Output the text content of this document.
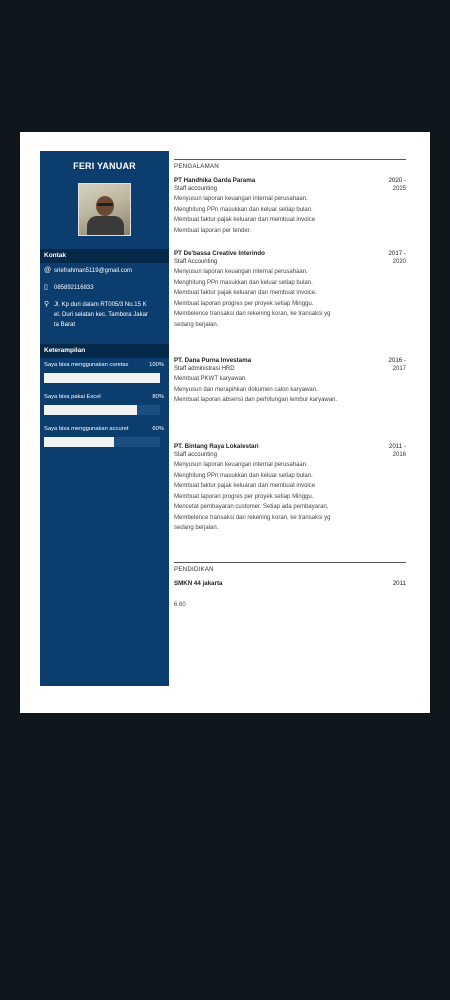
FERI YANUAR
Kontak
@ sriefrahman5119@gmail.com
▯	085892116833
⚲ Jl. Kp duri dalam RT005/3 No.15 K
el. Duri selatan kec. Tambora Jakar
ta Barat
Keterampilan
Saya bisa menggunakan coretax	100%
Saya bisa pakai Excel	80%
Saya bisa menggunakan accuret	60%
PENGALAMAN
PT Handhika Garda Parama	2020 -
Staff accounting	2025
Menyusun laporan keuangan internal perusahaan.
Menghitung PPn masukkan dan keluar setiap bulan.
Membuat faktur pajak keluaran dan membuat invoice
Membuat laporan per tender.
PT De'bassa Creative Interindo	2017 -
Staff Accounting	2020
Menyusun laporan keuangan internal perusahaan.
Menghitung PPn masukkan dan keluar setiap bulan.
Membuat faktur pajak keluaran dan membuat invoice.
Membuat laporan progres per proyek setiap Minggu.
Membelence transaksi dari rekening koran, ke transaksi yg
sedang berjalan.
PT. Dana Purna Investama	2016 -
Staff administrasi HRD	2017
Membuat PKWT karyawan.
Menyusun dan merapihkan dokumen calon karyawan.
Membuat laporan absensi dan perhitungan lembur karyawan.
PT. Bintang Raya Lokalestari	2011 -
Staff accounting	2016
Menyusun laporan keuangan internal perusahaan.
Menghitung PPn masukkan dan keluar setiap bulan.
Membuat faktur pajak keluaran dan membuat invoice
Membuat laporan progres per proyek setiap Minggu.
Mencetat pembayaran customer. Setiap ada pembayaran,
Membelence transaksi dari rekening koran, ke transaksi yg
sedang berjalan.
PENDIDIKAN
SMKN 44 jakarta	2011
6.60
